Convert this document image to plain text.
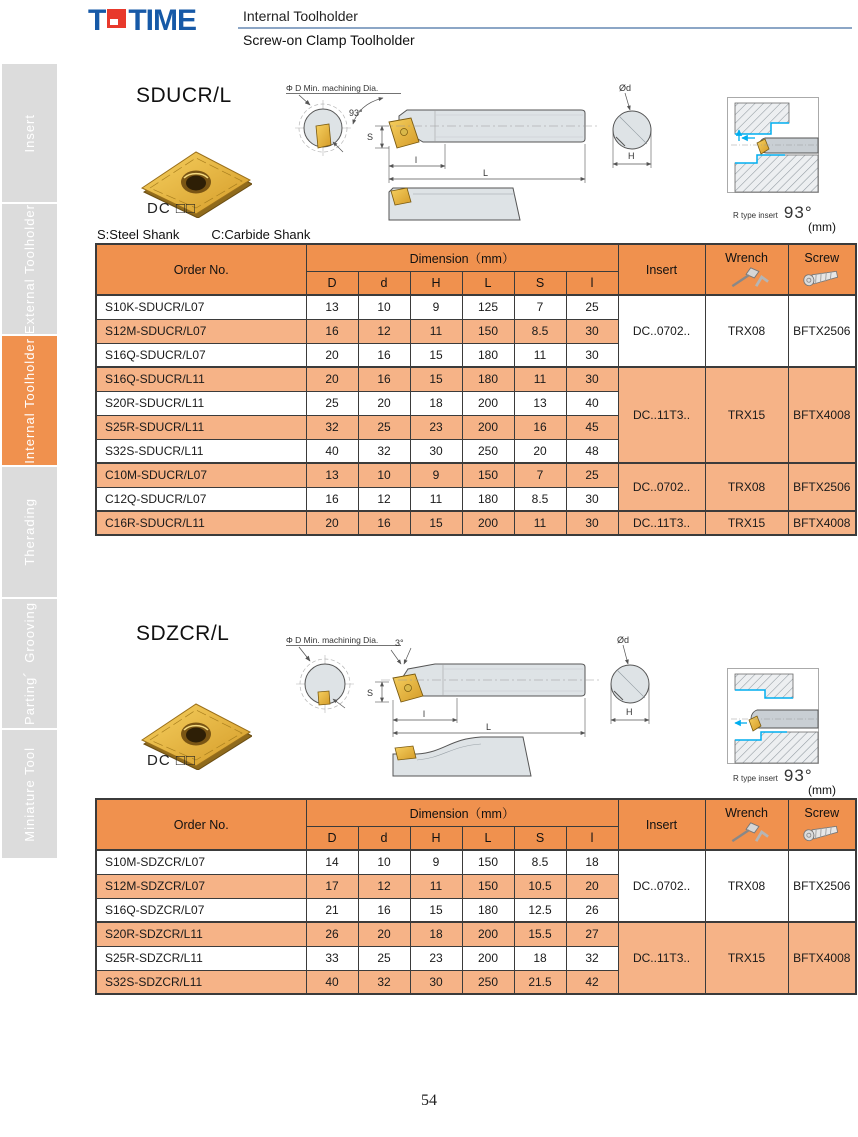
T TIME	Internal Toolholder
Screw-on Clamp Toolholder
Insert
External Toolholder
Internal Toolholder
Therading
Parting、Grooving
Miniature Tool
SDUCR/L
DC □□
S:Steel Shank C:Carbide Shank
Φ D Min. machining Dia.
93°
S
l
L
Ød
H
R type insert 93°
(mm)
Order No.	Dimension（mm）						Insert	Wrench	Screw

	D	d	H	L	S	l			
S10K-SDUCR/L07	13	10	9	125	7	25	DC..0702..	TRX08	BFTX2506
S12M-SDUCR/L07	16	12	11	150	8.5	30			
S16Q-SDUCR/L07	20	16	15	180	11	30			
S16Q-SDUCR/L11	20	16	15	180	11	30	DC..11T3..	TRX15	BFTX4008
S20R-SDUCR/L11	25	20	18	200	13	40			
S25R-SDUCR/L11	32	25	23	200	16	45			
S32S-SDUCR/L11	40	32	30	250	20	48			
C10M-SDUCR/L07	13	10	9	150	7	25	DC..0702..	TRX08	BFTX2506
C12Q-SDUCR/L07	16	12	11	180	8.5	30			
C16R-SDUCR/L11	20	16	15	200	11	30	DC..11T3..	TRX15	BFTX4008
SDZCR/L
DC □□
Φ D Min. machining Dia. 3°
S
l
L
Ød
H
R type insert 93°
(mm)
Order No.	Dimension（mm）						Insert	Wrench	Screw

	D	d	H	L	S	l			
S10M-SDZCR/L07	14	10	9	150	8.5	18	DC..0702..	TRX08	BFTX2506
S12M-SDZCR/L07	17	12	11	150	10.5	20			
S16Q-SDZCR/L07	21	16	15	180	12.5	26			
S20R-SDZCR/L11	26	20	18	200	15.5	27	DC..11T3..	TRX15	BFTX4008
S25R-SDZCR/L11	33	25	23	200	18	32			
S32S-SDZCR/L11	40	32	30	250	21.5	42			
54
